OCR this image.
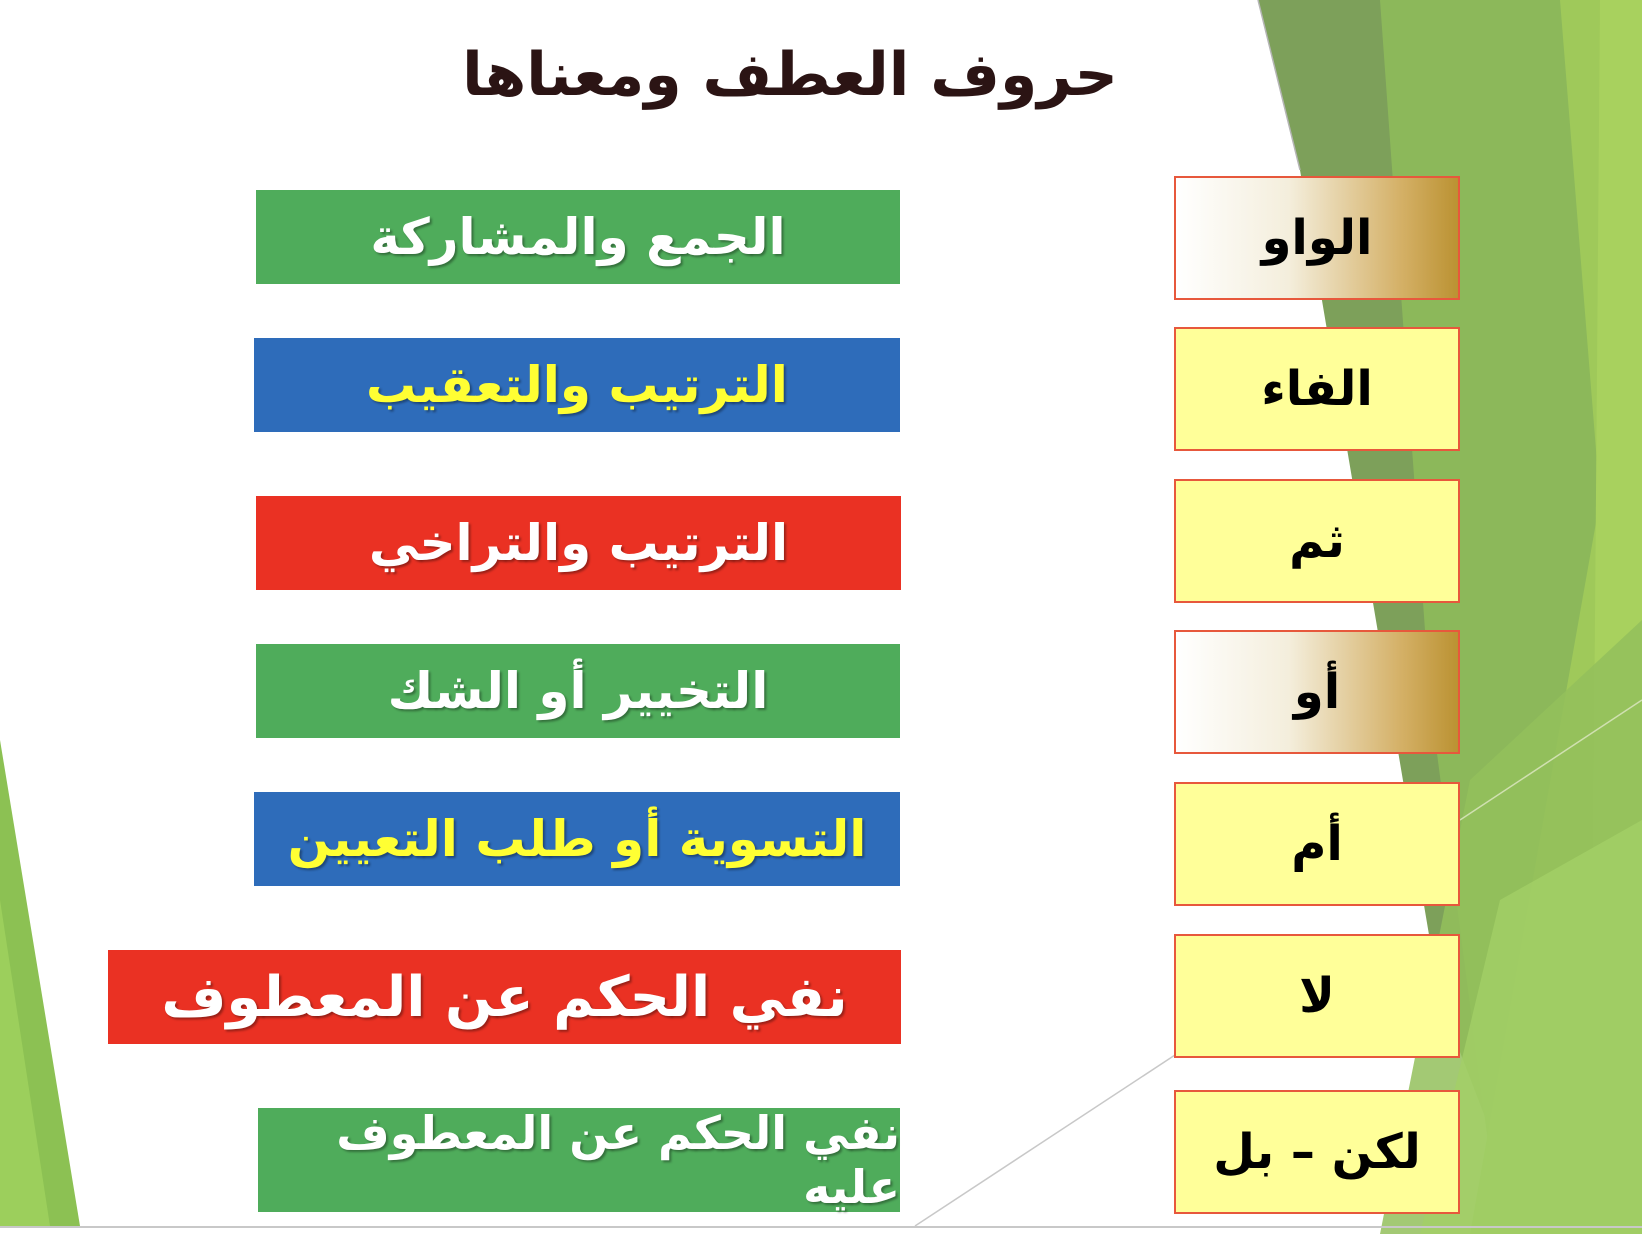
حروف العطف ومعناها
الواو
الفاء
ثم
أو
أم
لا
لكن – بل
الجمع والمشاركة
الترتيب والتعقيب
الترتيب والتراخي
التخيير أو الشك
التسوية أو طلب التعيين
نفي الحكم عن المعطوف
نفي الحكم عن المعطوف عليه
